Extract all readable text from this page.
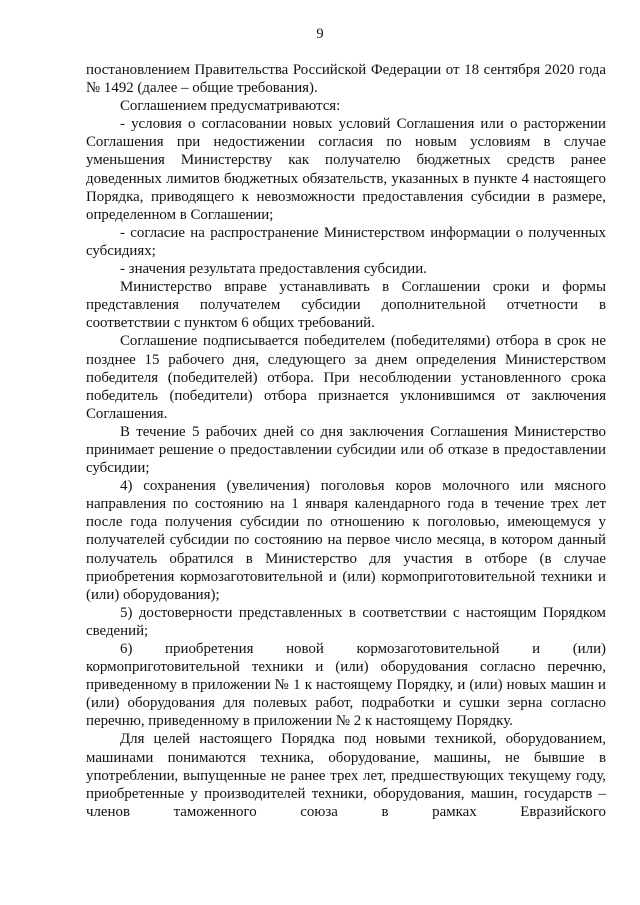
9

постановлением Правительства Российской Федерации от 18 сентября 2020 года № 1492 (далее – общие требования).

Соглашением предусматриваются:

- условия о согласовании новых условий Соглашения или о расторжении Соглашения при недостижении согласия по новым условиям в случае уменьшения Министерству как получателю бюджетных средств ранее доведенных лимитов бюджетных обязательств, указанных в пункте 4 настоящего Порядка, приводящего к невозможности предоставления субсидии в размере, определенном в Соглашении;

- согласие на распространение Министерством информации о полученных субсидиях;

- значения результата предоставления субсидии.

Министерство вправе устанавливать в Соглашении сроки и формы представления получателем субсидии дополнительной отчетности в соответствии с пунктом 6 общих требований.

Соглашение подписывается победителем (победителями) отбора в срок не позднее 15 рабочего дня, следующего за днем определения Министерством победителя (победителей) отбора. При несоблюдении установленного срока победитель (победители) отбора признается уклонившимся от заключения Соглашения.

В течение 5 рабочих дней со дня заключения Соглашения Министерство принимает решение о предоставлении субсидии или об отказе в предоставлении субсидии;

4) сохранения (увеличения) поголовья коров молочного или мясного направления по состоянию на 1 января календарного года в течение трех лет после года получения субсидии по отношению к поголовью, имеющемуся у получателей субсидии по состоянию на первое число месяца, в котором данный получатель обратился в Министерство для участия в отборе (в случае приобретения кормозаготовительной и (или) кормоприготовительной техники и (или) оборудования);

5) достоверности представленных в соответствии с настоящим Порядком сведений;

6) приобретения новой кормозаготовительной и (или) кормоприготовительной техники и (или) оборудования согласно перечню, приведенному в приложении № 1 к настоящему Порядку, и (или) новых машин и (или) оборудования для полевых работ, подработки и сушки зерна согласно перечню, приведенному в приложении № 2 к настоящему Порядку.

Для целей настоящего Порядка под новыми техникой, оборудованием, машинами понимаются техника, оборудование, машины, не бывшие в употреблении, выпущенные не ранее трех лет, предшествующих текущему году, приобретенные у производителей техники, оборудования, машин, государств – членов таможенного союза в рамках Евразийского
